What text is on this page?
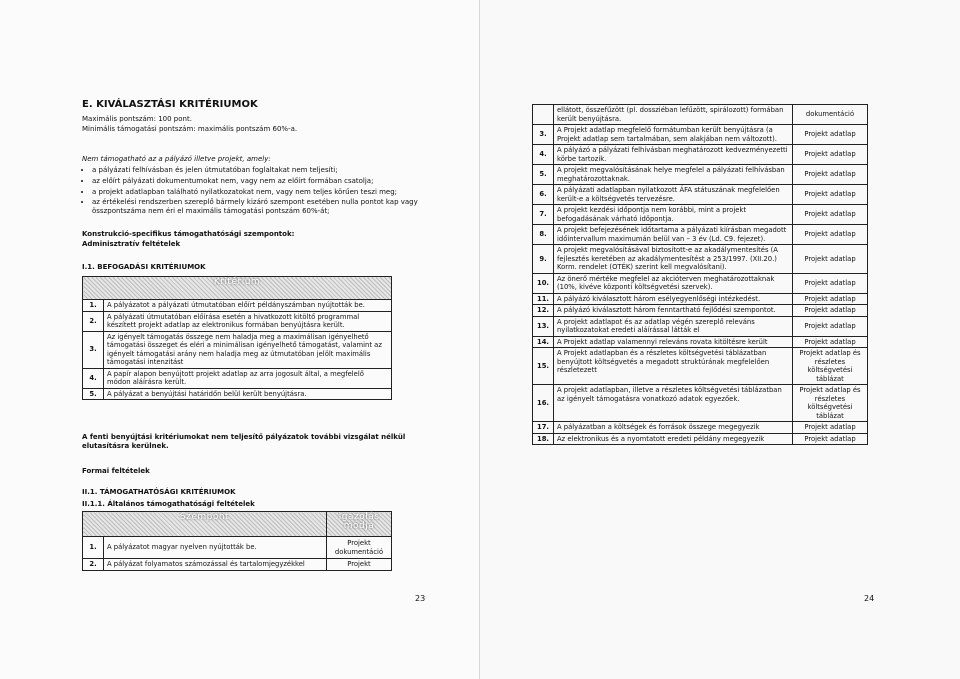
E. KIVÁLASZTÁSI KRITÉRIUMOK
Maximális pontszám: 100 pont.
Minimális támogatási pontszám: maximális pontszám 60%-a.
Nem támogatható az a pályázó illetve projekt, amely:
• a pályázati felhívásban és jelen útmutatóban foglaltakat nem teljesíti;
• az előírt pályázati dokumentumokat nem, vagy nem az előírt formában csatolja;
• a projekt adatlapban található nyilatkozatokat nem, vagy nem teljes körűen teszi meg;
• az értékelési rendszerben szereplő bármely kizáró szempont esetében nulla pontot kap vagy összpontszáma nem éri el maximális támogatási pontszám 60%-át;
Konstrukció-specifikus támogathatósági szempontok:
Adminisztratív feltételek
I.1. BEFOGADÁSI KRITÉRIUMOK
Kritérium	
1.	A pályázatot a pályázati útmutatóban előírt példányszámban nyújtották be.
2.	A pályázati útmutatóban előírása esetén a hivatkozott kitöltő programmal készített projekt adatlap az elektronikus formában benyújtásra került.
3.	Az igényelt támogatás összege nem haladja meg a maximálisan igényelhető támogatási összeget és eléri a minimálisan igényelhető támogatást, valamint az igényelt támogatási arány nem haladja meg az útmutatóban jelölt maximális támogatási intenzitást
4.	A papír alapon benyújtott projekt adatlap az arra jogosult által, a megfelelő módon aláírásra került.
5.	A pályázat a benyújtási határidőn belül került benyújtásra.
A fenti benyújtási kritériumokat nem teljesítő pályázatok további vizsgálat nélkül elutasításra kerülnek.
Formai feltételek
II.1. TÁMOGATHATÓSÁGI KRITÉRIUMOK
II.1.1. Általános támogathatósági feltételek
Szempont		Igazolás módja
1.	A pályázatot magyar nyelven nyújtották be.	Projekt dokumentáció
2.	A pályázat folyamatos számozással és tartalomjegyzékkel	Projekt
23
	ellátott, összefűzött (pl. dossziéban lefűzött, spirálozott) formában került benyújtásra.	dokumentáció
3.	A Projekt adatlap megfelelő formátumban került benyújtásra (a Projekt adatlap sem tartalmában, sem alakjában nem változott).	Projekt adatlap
4.	A pályázó a pályázati felhívásban meghatározott kedvezményezetti körbe tartozik.	Projekt adatlap
5.	A projekt megvalósításának helye megfelel a pályázati felhívásban meghatározottaknak.	Projekt adatlap
6.	A pályázati adatlapban nyilatkozott ÁFA státuszának megfelelően került-e a költségvetés tervezésre.	Projekt adatlap
7.	A projekt kezdési időpontja nem korábbi, mint a projekt befogadásának várható időpontja.	Projekt adatlap
8.	A projekt befejezésének időtartama a pályázati kiírásban megadott időintervallum maximumán belül van – 3 év (Ld. C9. fejezet).	Projekt adatlap
9.	A projekt megvalósításával biztosított-e az akadálymentesítés (A fejlesztés keretében az akadálymentesítést a 253/1997. (XII.20.) Korm. rendelet (OTÉK) szerint kell megvalósítani).	Projekt adatlap
10.	Az önerő mértéke megfelel az akcióterven meghatározottaknak (10%, kivéve központi költségvetési szervek).	Projekt adatlap
11.	A pályázó kiválasztott három esélyegyenlőségi intézkedést.	Projekt adatlap
12.	A pályázó kiválasztott három fenntartható fejlődési szempontot.	Projekt adatlap
13.	A projekt adatlapot és az adatlap végén szereplő releváns nyilatkozatokat eredeti aláírással látták el	Projekt adatlap
14.	A Projekt adatlap valamennyi releváns rovata kitöltésre került	Projekt adatlap
15.	A Projekt adatlapban és a részletes költségvetési táblázatban benyújtott költségvetés a megadott struktúrának megfelelően részletezett	Projekt adatlap és részletes költségvetési táblázat
16.	A projekt adatlapban, illetve a részletes költségvetési táblázatban az igényelt támogatásra vonatkozó adatok egyezőek.	Projekt adatlap és részletes költségvetési táblázat
17.	A pályázatban a költségek és források összege megegyezik	Projekt adatlap
18.	Az elektronikus és a nyomtatott eredeti példány megegyezik	Projekt adatlap
24
